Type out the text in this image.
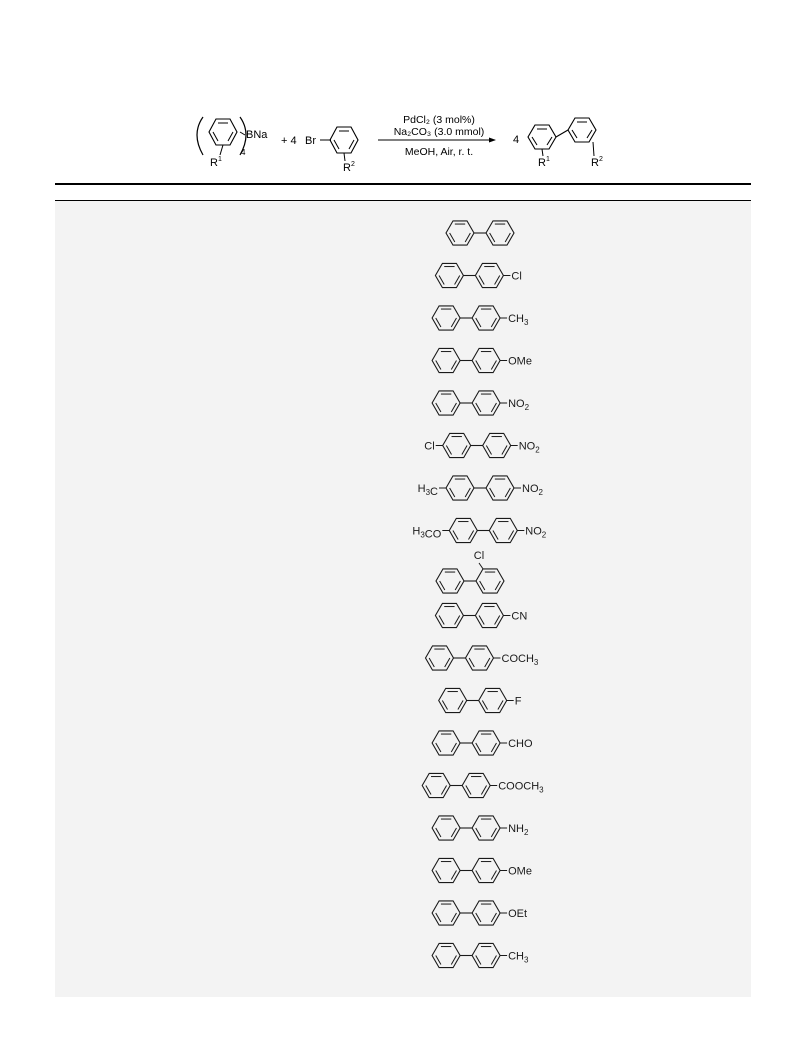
BNa
4
$R^1$
+ 4 Br
$R^2$
PdCl₂ (3 mol%)
Na₂CO₃ (3.0 mmol)
MeOH, Air, r. t.
4
$R^1$	$R^2$
Cl
$CH_3$
OMe
$NO_2$
$NO_2$
Cl
$NO_2$
$H_3C$
$NO_2$
$H_3CO$
Cl
CN
$COCH_3$
F
CHO
$COOCH_3$
$NH_2$
OMe
OEt
$CH_3$
